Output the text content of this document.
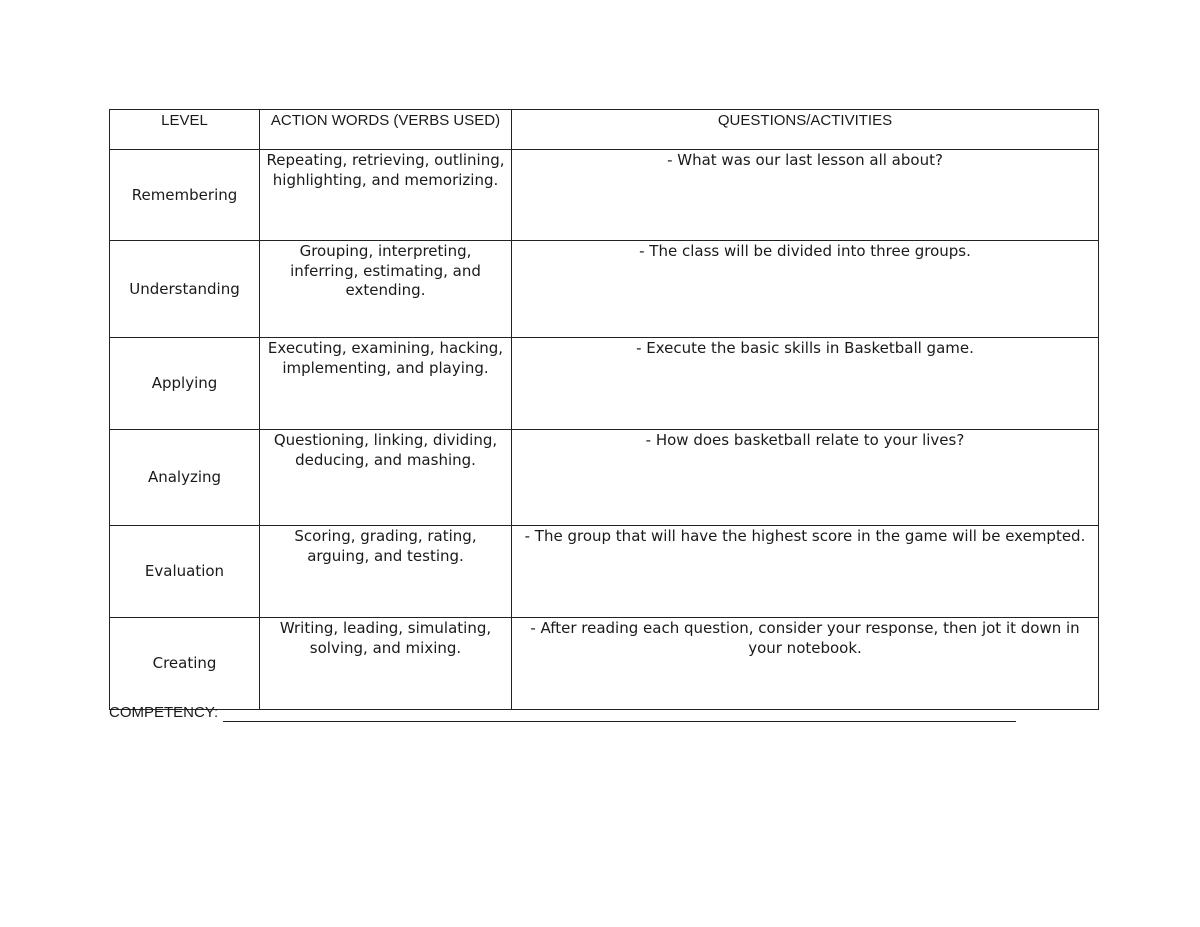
LEVEL	ACTION WORDS (VERBS USED)	QUESTIONS/ACTIVITIES
Remembering	Repeating, retrieving, outlining, highlighting, and memorizing.	- What was our last lesson all about?
Understanding	Grouping, interpreting, inferring, estimating, and extending.	- The class will be divided into three groups.
Applying	Executing, examining, hacking, implementing, and playing.	- Execute the basic skills in Basketball game.
Analyzing	Questioning, linking, dividing, deducing, and mashing.	- How does basketball relate to your lives?
Evaluation	Scoring, grading, rating, arguing, and testing.	- The group that will have the highest score in the game will be exempted.
Creating	Writing, leading, simulating, solving, and mixing.	- After reading each question, consider your response, then jot it down in your notebook.
COMPETENCY:
